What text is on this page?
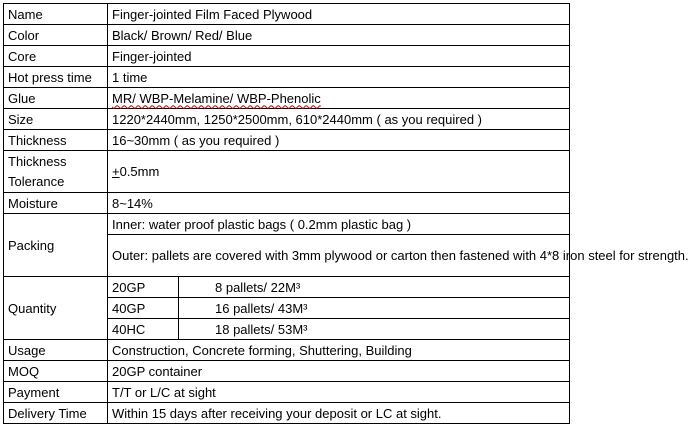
Name	Finger-jointed Film Faced Plywood	
Color	Black/ Brown/ Red/ Blue	
Core	Finger-jointed	
Hot press time	1 time	
Glue	MR/ WBP-Melamine/ WBP-Phenolic	
Size	1220*2440mm, 1250*2500mm, 610*2440mm ( as you required )	
Thickness	16~30mm ( as you required )	

Thickness
Tolerance	+0.5mm	
Moisture	8~14%	
Packing	Inner: water proof plastic bags ( 0.2mm plastic bag )	
	Outer: pallets are covered with 3mm plywood or carton then fastened with 4*8 iron steel for strength.	
Quantity	20GP	8 pallets/ 22M³
	40GP	16 pallets/ 43M³
	40HC	18 pallets/ 53M³
Usage	Construction, Concrete forming, Shuttering, Building	
MOQ	20GP container	
Payment	T/T or L/C at sight	
Delivery Time	Within 15 days after receiving your deposit or LC at sight.	
